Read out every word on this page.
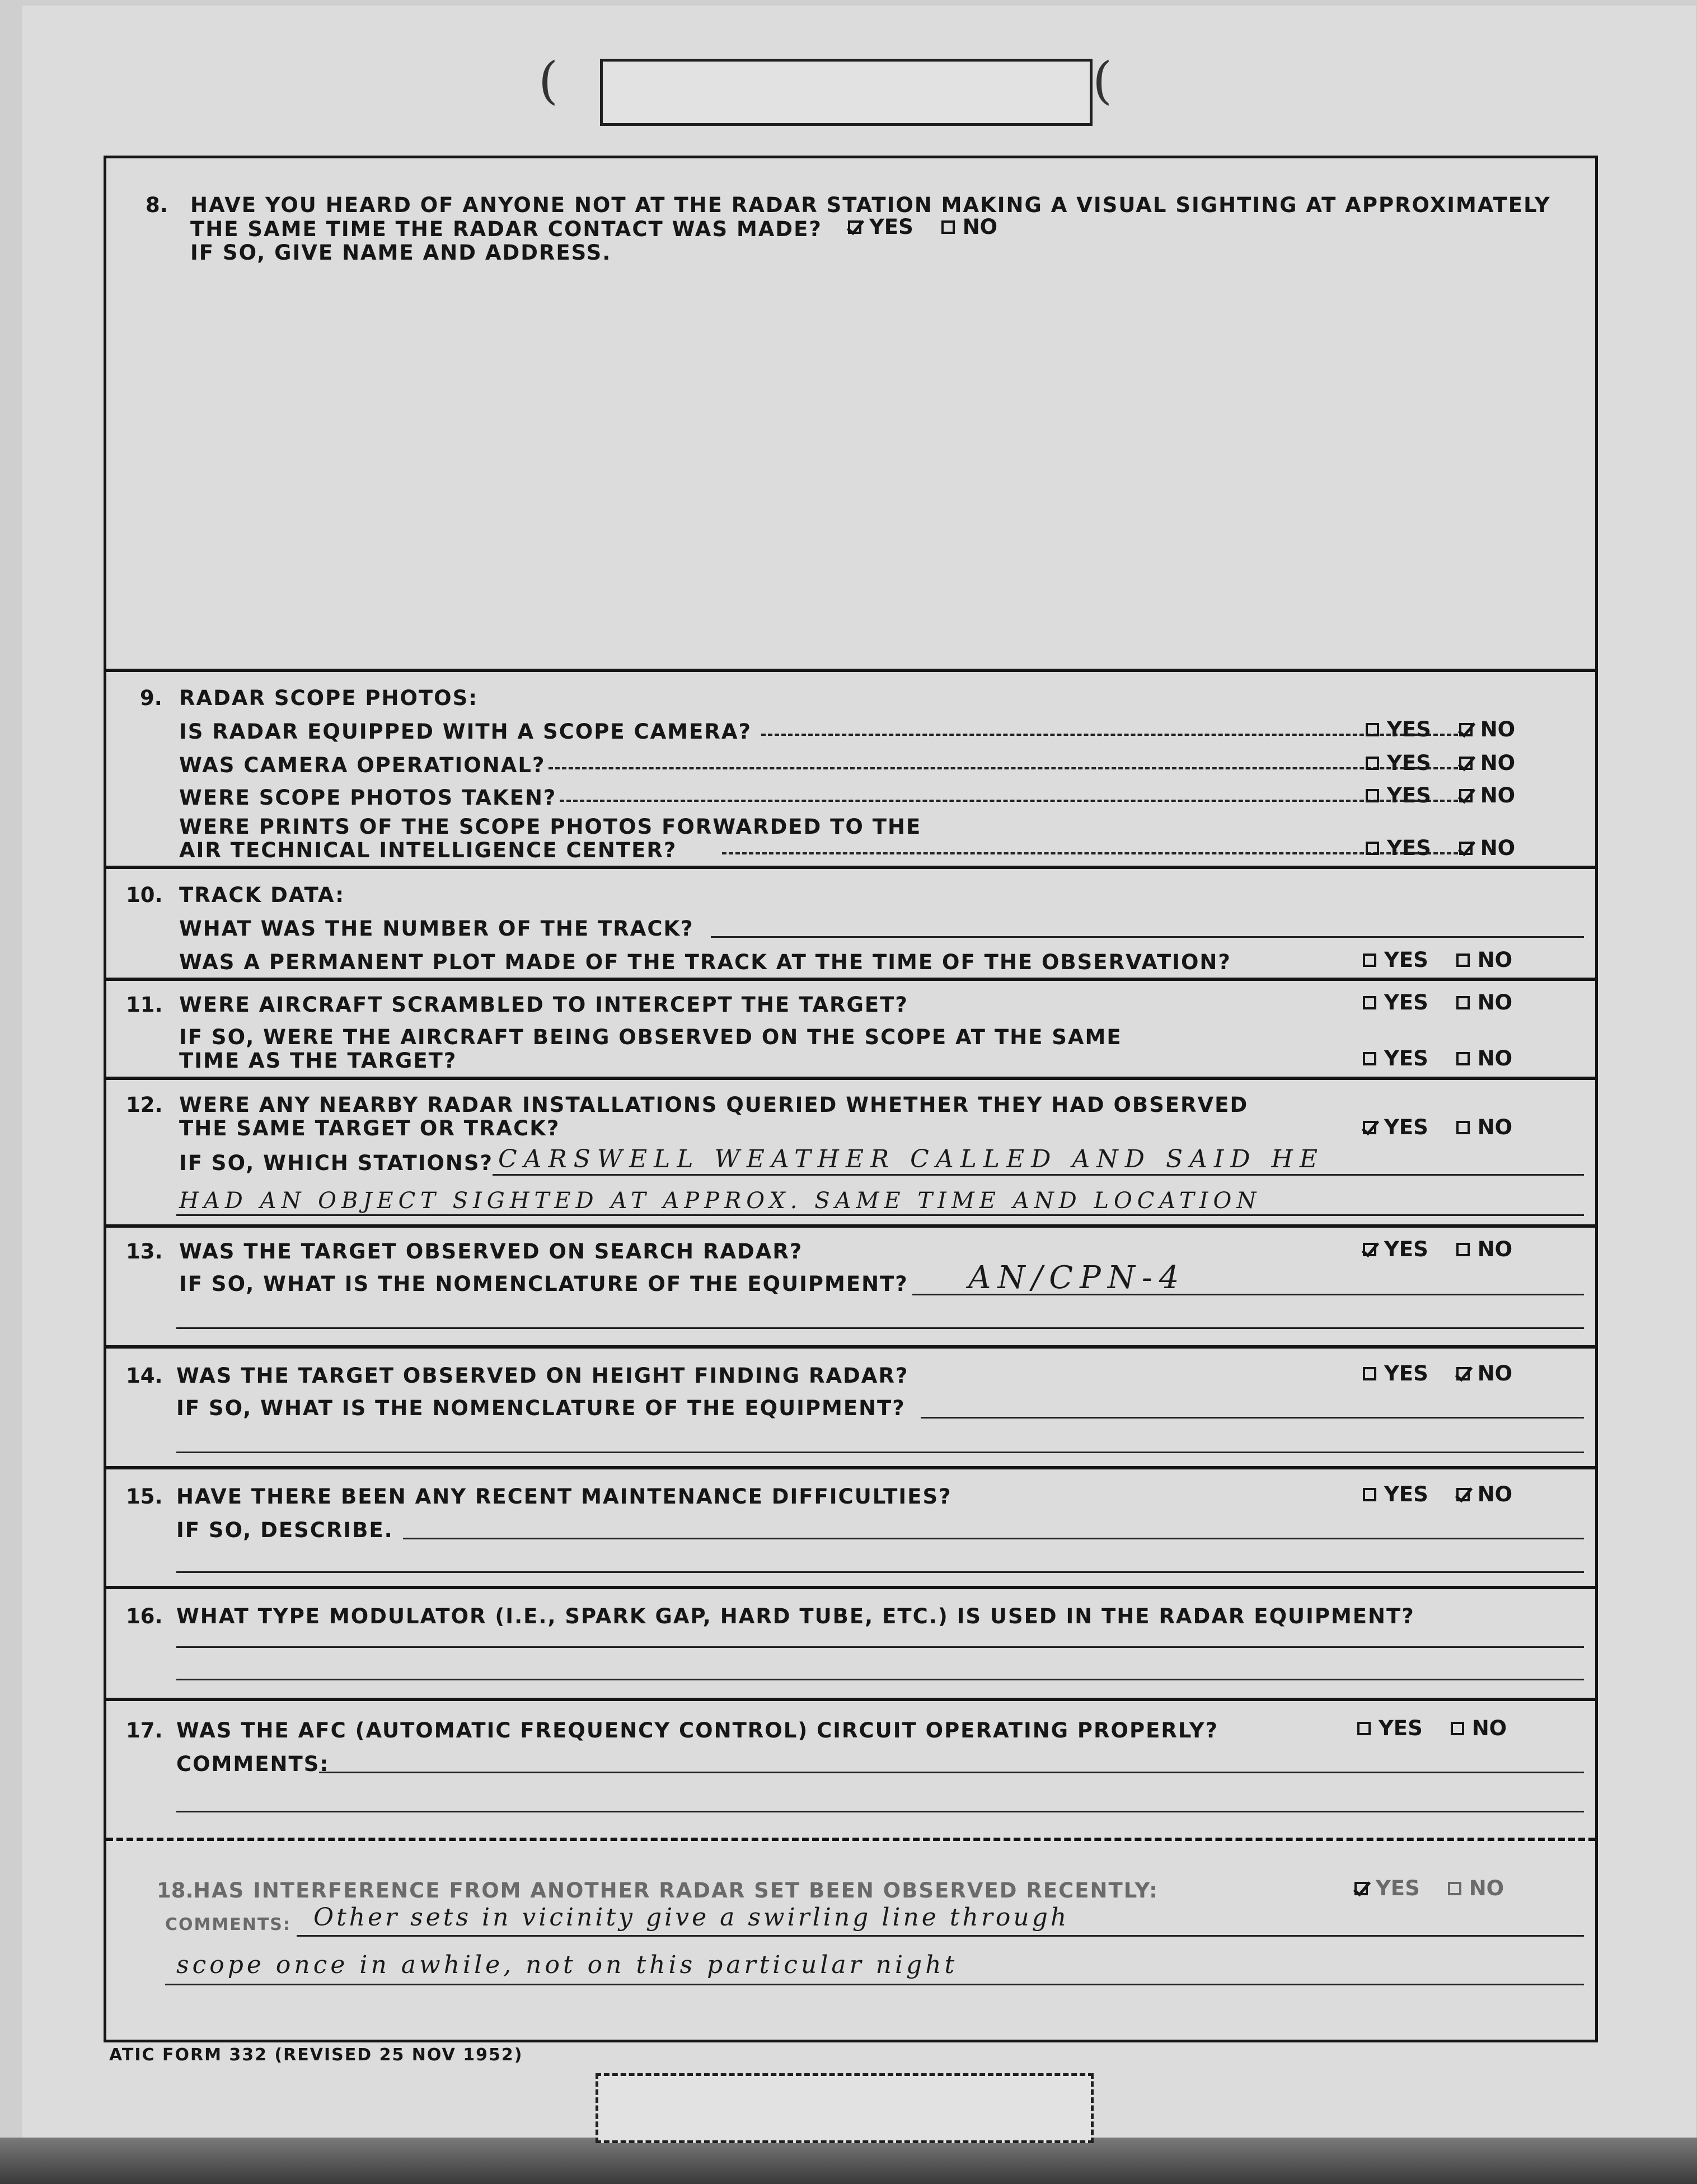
(	(
8. HAVE YOU HEARD OF ANYONE NOT AT THE RADAR STATION MAKING A VISUAL SIGHTING AT APPROXIMATELY
THE SAME TIME THE RADAR CONTACT WAS MADE? YES NO
IF SO, GIVE NAME AND ADDRESS.
9. RADAR SCOPE PHOTOS:
IS RADAR EQUIPPED WITH A SCOPE CAMERA?	YES NO
WAS CAMERA OPERATIONAL?	YES NO
WERE SCOPE PHOTOS TAKEN?	YES NO
WERE PRINTS OF THE SCOPE PHOTOS FORWARDED TO THE
AIR TECHNICAL INTELLIGENCE CENTER?	YES NO
10. TRACK DATA:
WHAT WAS THE NUMBER OF THE TRACK?
WAS A PERMANENT PLOT MADE OF THE TRACK AT THE TIME OF THE OBSERVATION?	YES NO
11. WERE AIRCRAFT SCRAMBLED TO INTERCEPT THE TARGET?	YES NO
IF SO, WERE THE AIRCRAFT BEING OBSERVED ON THE SCOPE AT THE SAME
TIME AS THE TARGET?	YES NO
12. WERE ANY NEARBY RADAR INSTALLATIONS QUERIED WHETHER THEY HAD OBSERVED
THE SAME TARGET OR TRACK?	YES NO
IF SO, WHICH STATIONS? CARSWELL WEATHER CALLED AND SAID HE
HAD AN OBJECT SIGHTED AT APPROX. SAME TIME AND LOCATION
13. WAS THE TARGET OBSERVED ON SEARCH RADAR?	YES NO
IF SO, WHAT IS THE NOMENCLATURE OF THE EQUIPMENT? AN/CPN-4
14. WAS THE TARGET OBSERVED ON HEIGHT FINDING RADAR?	YES NO
IF SO, WHAT IS THE NOMENCLATURE OF THE EQUIPMENT?
15. HAVE THERE BEEN ANY RECENT MAINTENANCE DIFFICULTIES?	YES NO
IF SO, DESCRIBE.
16. WHAT TYPE MODULATOR (I.E., SPARK GAP, HARD TUBE, ETC.) IS USED IN THE RADAR EQUIPMENT?
17. WAS THE AFC (AUTOMATIC FREQUENCY CONTROL) CIRCUIT OPERATING PROPERLY?	YES NO
COMMENTS:
18. HAS INTERFERENCE FROM ANOTHER RADAR SET BEEN OBSERVED RECENTLY:	YES NO
COMMENTS: Other sets in vicinity give a swirling line through
scope once in awhile, not on this particular night
ATIC FORM 332 (REVISED 25 NOV 1952)
